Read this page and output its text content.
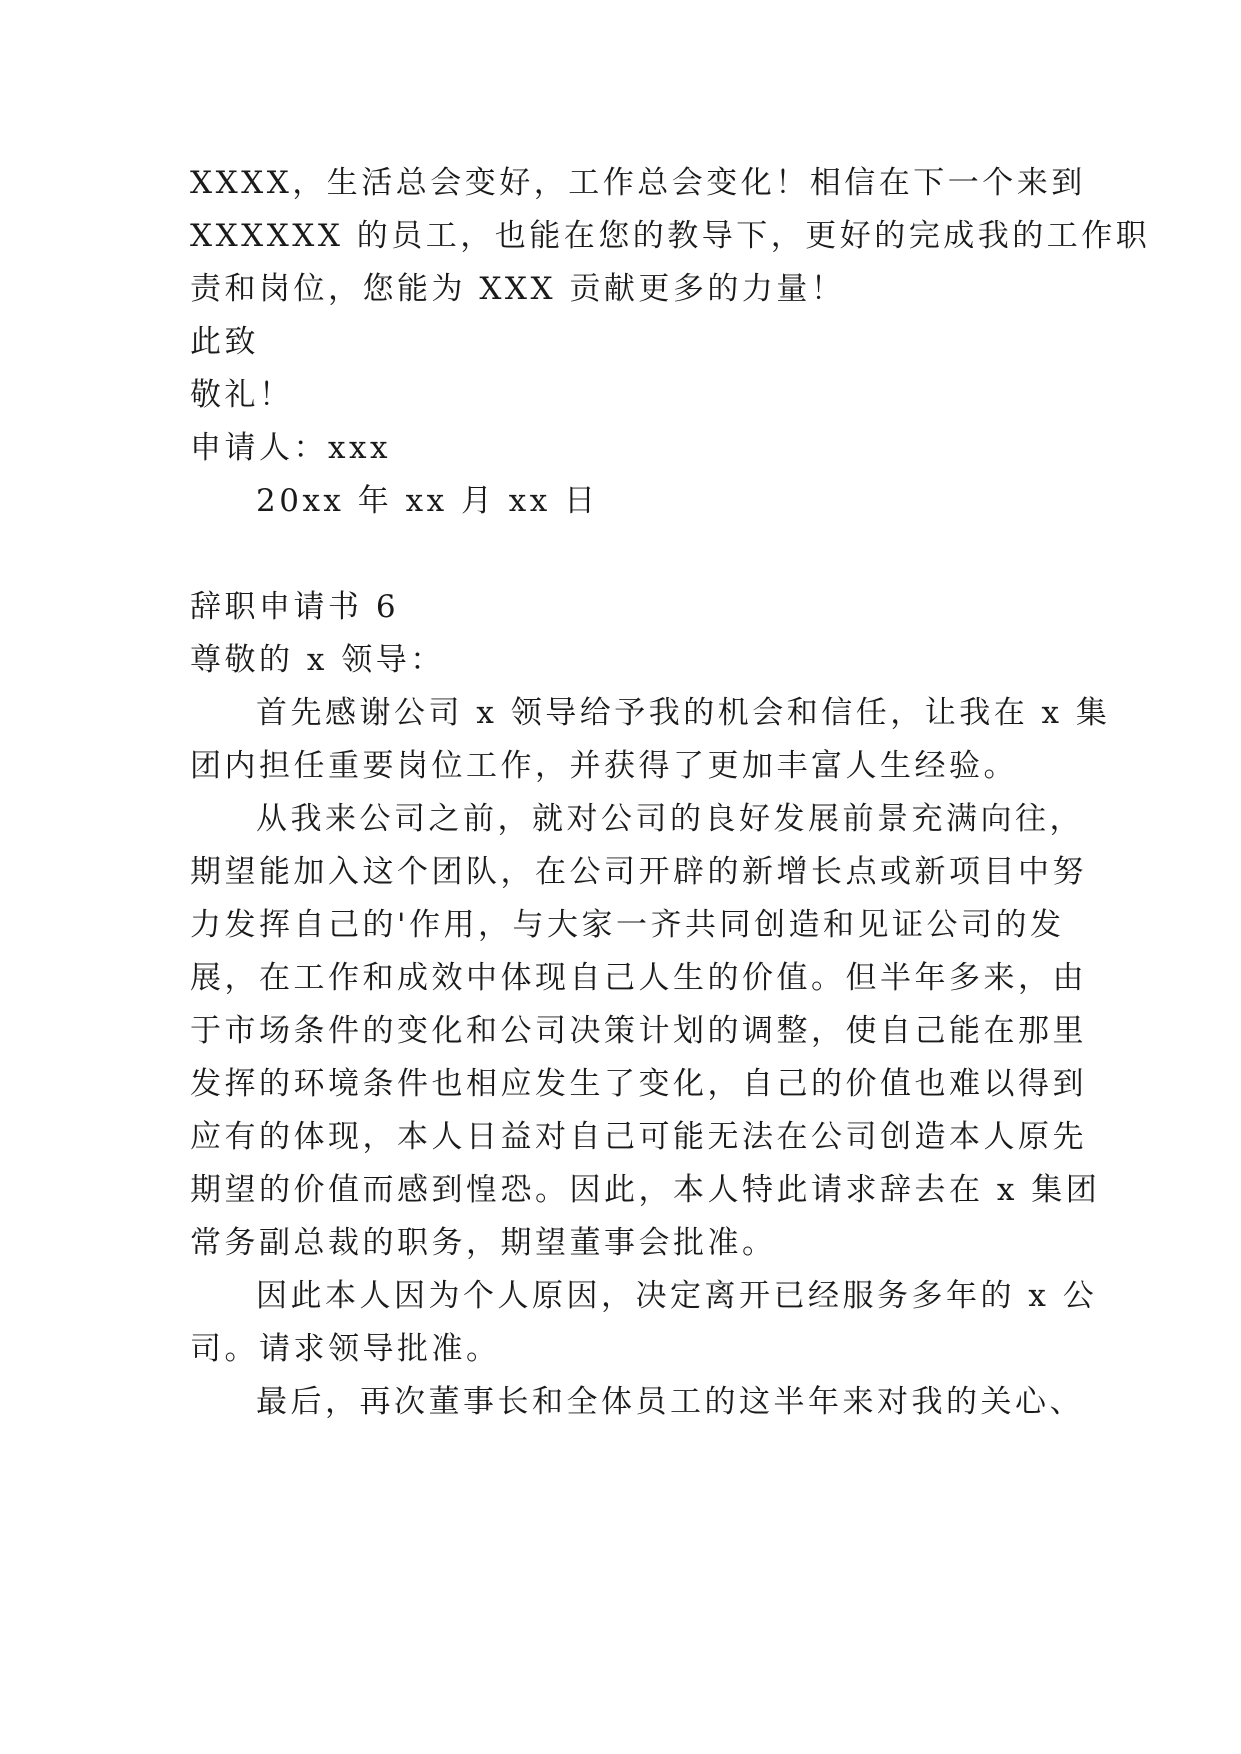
XXXX，生活总会变好，工作总会变化！相信在下一个来到
XXXXXX 的员工，也能在您的教导下，更好的完成我的工作职
责和岗位，您能为 XXX 贡献更多的力量！
此致
敬礼！
申请人：xxx
20xx 年 xx 月 xx 日
辞职申请书 6
尊敬的 x 领导：
首先感谢公司 x 领导给予我的机会和信任，让我在 x 集
团内担任重要岗位工作，并获得了更加丰富人生经验。
从我来公司之前，就对公司的良好发展前景充满向往，
期望能加入这个团队，在公司开辟的新增长点或新项目中努
力发挥自己的'作用，与大家一齐共同创造和见证公司的发
展，在工作和成效中体现自己人生的价值。但半年多来，由
于市场条件的变化和公司决策计划的调整，使自己能在那里
发挥的环境条件也相应发生了变化，自己的价值也难以得到
应有的体现，本人日益对自己可能无法在公司创造本人原先
期望的价值而感到惶恐。因此，本人特此请求辞去在 x 集团
常务副总裁的职务，期望董事会批准。
因此本人因为个人原因，决定离开已经服务多年的 x 公
司。请求领导批准。
最后，再次董事长和全体员工的这半年来对我的关心、
